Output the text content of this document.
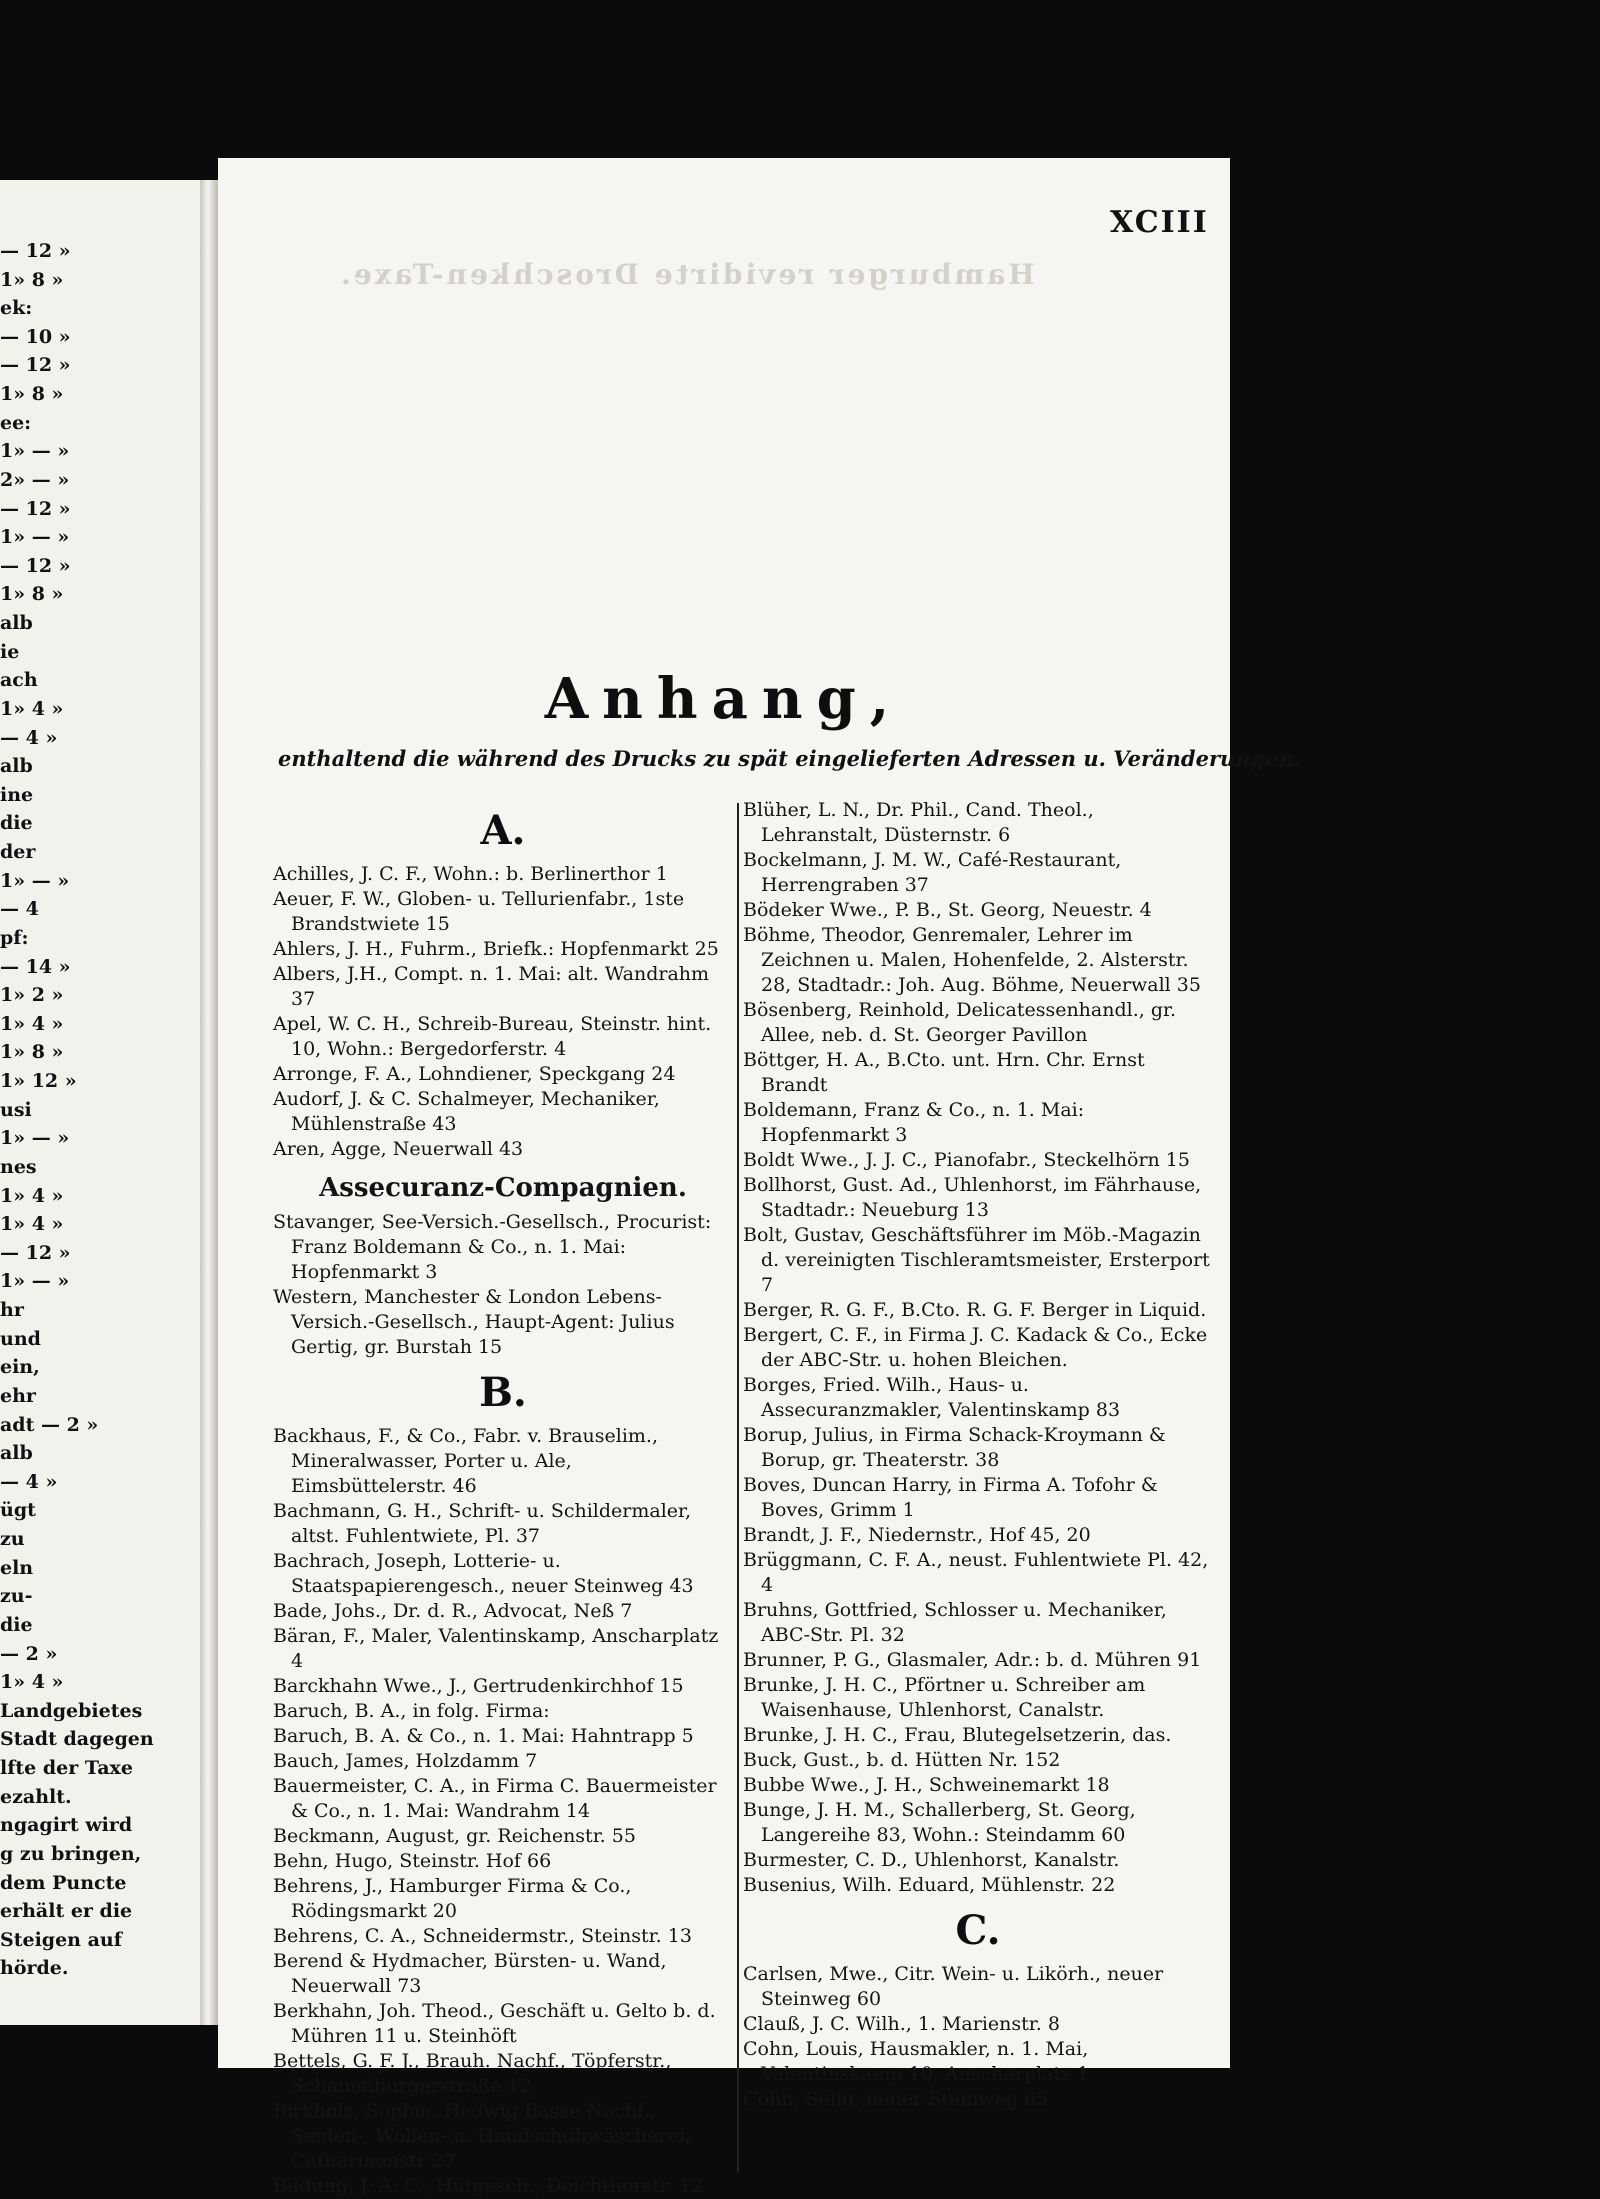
— 12 »
1» 8 »
ek:
— 10 »
— 12 »
1» 8 »
ee:
1» — »
2» — »
— 12 »
1» — »
— 12 »
1» 8 »
alb
ie
ach
1» 4 »
— 4 »
alb
ine
die
der
1» — »
— 4
pf:
— 14 »
1» 2 »
1» 4 »
1» 8 »
1» 12 »
usi
1» — »
nes
1» 4 »
1» 4 »
— 12 »
1» — »
hr
und
ein,
ehr
adt — 2 »
alb
— 4 »
ügt
zu
eln
zu-
die
— 2 »
1» 4 »
Landgebietes
Stadt dagegen
lfte der Taxe
ezahlt.
ngagirt wird
g zu bringen,
dem Puncte
erhält er die
Steigen auf
hörde.
Hamburger revidirte Droschken-Taxe.
XCIII
Anhang,
enthaltend die während des Drucks zu spät eingelieferten Adressen u. Veränderungen.
A.

Achilles, J. C. F., Wohn.: b. Berlinerthor 1

Aeuer, F. W., Globen- u. Tellurienfabr., 1ste Brandstwiete 15

Ahlers, J. H., Fuhrm., Briefk.: Hopfenmarkt 25

Albers, J.H., Compt. n. 1. Mai: alt. Wandrahm 37

Apel, W. C. H., Schreib-Bureau, Steinstr. hint. 10, Wohn.: Bergedorferstr. 4

Arronge, F. A., Lohndiener, Speckgang 24

Audorf, J. & C. Schalmeyer, Mechaniker, Mühlenstraße 43

Aren, Agge, Neuerwall 43

Assecuranz-Compagnien.

Stavanger, See-Versich.-Gesellsch., Procurist: Franz Boldemann & Co., n. 1. Mai: Hopfenmarkt 3

Western, Manchester & London Lebens-Versich.-Gesellsch., Haupt-Agent: Julius Gertig, gr. Burstah 15

B.

Backhaus, F., & Co., Fabr. v. Brauselim., Mineralwasser, Porter u. Ale, Eimsbüttelerstr. 46

Bachmann, G. H., Schrift- u. Schildermaler, altst. Fuhlentwiete, Pl. 37

Bachrach, Joseph, Lotterie- u. Staatspapierengesch., neuer Steinweg 43

Bade, Johs., Dr. d. R., Advocat, Neß 7

Bäran, F., Maler, Valentinskamp, Anscharplatz 4

Barckhahn Wwe., J., Gertrudenkirchhof 15

Baruch, B. A., in folg. Firma:

Baruch, B. A. & Co., n. 1. Mai: Hahntrapp 5

Bauch, James, Holzdamm 7

Bauermeister, C. A., in Firma C. Bauermeister & Co., n. 1. Mai: Wandrahm 14

Beckmann, August, gr. Reichenstr. 55

Behn, Hugo, Steinstr. Hof 66

Behrens, J., Hamburger Firma & Co., Rödingsmarkt 20

Behrens, C. A., Schneidermstr., Steinstr. 13

Berend & Hydmacher, Bürsten- u. Wand, Neuerwall 73

Berkhahn, Joh. Theod., Geschäft u. Gelto b. d. Mühren 11 u. Steinhöft

Bettels, G. F. J., Brauh. Nachf., Töpferstr., Schauenburgerstraße 12

Birkholz, Sophie, Hedwig Basse Nachf., Seiden-, Wollen- u. Handschuhwäscherei, Catharinenstr 27

Bildung, J. A. C., Hutgesch., Deichthorstr. 12

Blüher, L. N., Dr. Phil., Cand. Theol., Lehranstalt, Düsternstr. 6

Bockelmann, J. M. W., Café-Restaurant, Herrengraben 37

Bödeker Wwe., P. B., St. Georg, Neuestr. 4

Böhme, Theodor, Genremaler, Lehrer im Zeichnen u. Malen, Hohenfelde, 2. Alsterstr. 28, Stadtadr.: Joh. Aug. Böhme, Neuerwall 35

Bösenberg, Reinhold, Delicatessenhandl., gr. Allee, neb. d. St. Georger Pavillon

Böttger, H. A., B.Cto. unt. Hrn. Chr. Ernst Brandt

Boldemann, Franz & Co., n. 1. Mai: Hopfenmarkt 3

Boldt Wwe., J. J. C., Pianofabr., Steckelhörn 15

Bollhorst, Gust. Ad., Uhlenhorst, im Fährhause, Stadtadr.: Neueburg 13

Bolt, Gustav, Geschäftsführer im Möb.-Magazin d. vereinigten Tischleramtsmeister, Ersterport 7

Berger, R. G. F., B.Cto. R. G. F. Berger in Liquid.

Bergert, C. F., in Firma J. C. Kadack & Co., Ecke der ABC-Str. u. hohen Bleichen.

Borges, Fried. Wilh., Haus- u. Assecuranzmakler, Valentinskamp 83

Borup, Julius, in Firma Schack-Kroymann & Borup, gr. Theaterstr. 38

Boves, Duncan Harry, in Firma A. Tofohr & Boves, Grimm 1

Brandt, J. F., Niedernstr., Hof 45, 20

Brüggmann, C. F. A., neust. Fuhlentwiete Pl. 42, 4

Bruhns, Gottfried, Schlosser u. Mechaniker, ABC-Str. Pl. 32

Brunner, P. G., Glasmaler, Adr.: b. d. Mühren 91

Brunke, J. H. C., Pförtner u. Schreiber am Waisenhause, Uhlenhorst, Canalstr.

Brunke, J. H. C., Frau, Blutegelsetzerin, das.

Buck, Gust., b. d. Hütten Nr. 152

Bubbe Wwe., J. H., Schweinemarkt 18

Bunge, J. H. M., Schallerberg, St. Georg, Langereihe 83, Wohn.: Steindamm 60

Burmester, C. D., Uhlenhorst, Kanalstr.

Busenius, Wilh. Eduard, Mühlenstr. 22

C.

Carlsen, Mwe., Citr. Wein- u. Likörh., neuer Steinweg 60

Clauß, J. C. Wilh., 1. Marienstr. 8

Cohn, Louis, Hausmakler, n. 1. Mai, Valentinskamp 10, Anscharplatz 1

Cohn, Selig, neuer Steinweg 65
